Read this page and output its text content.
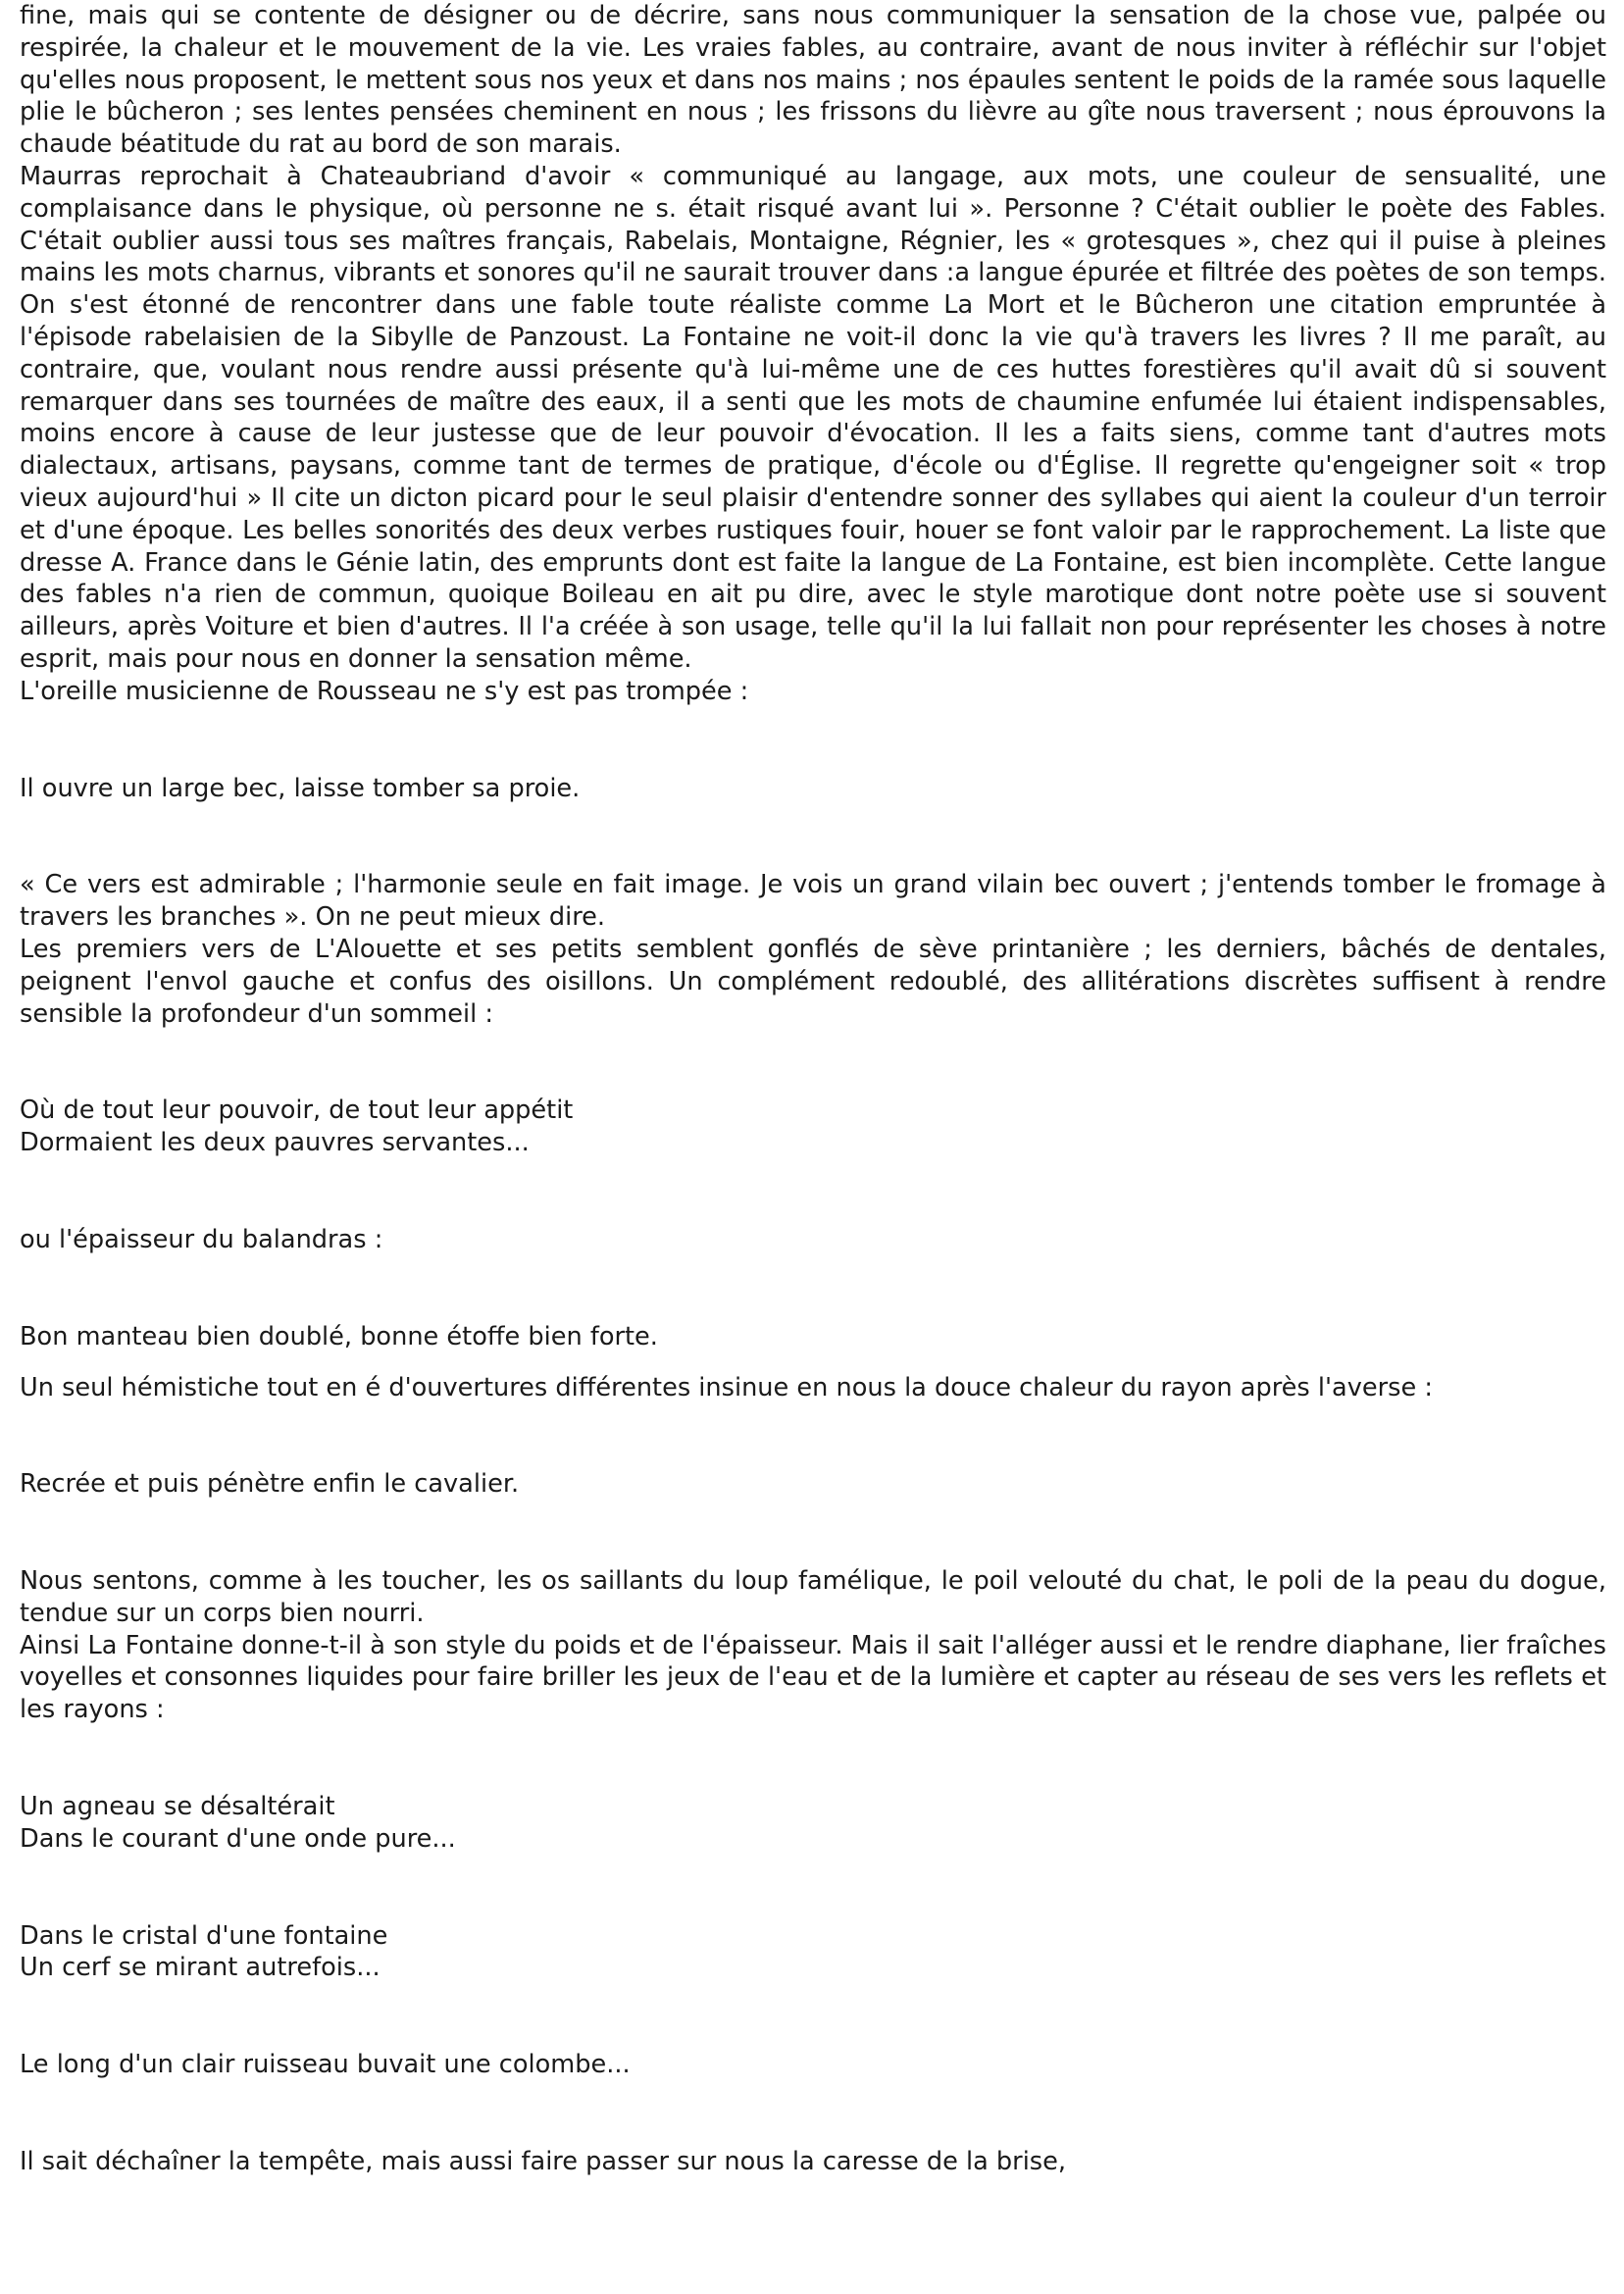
fine, mais qui se contente de désigner ou de décrire, sans nous communiquer la sensation de la chose vue, palpée ou respirée, la chaleur et le mouvement de la vie. Les vraies fables, au contraire, avant de nous inviter à réfléchir sur l'objet qu'elles nous proposent, le mettent sous nos yeux et dans nos mains ; nos épaules sentent le poids de la ramée sous laquelle plie le bûcheron ; ses lentes pensées cheminent en nous ; les frissons du lièvre au gîte nous traversent ; nous éprouvons la chaude béatitude du rat au bord de son marais.

Maurras reprochait à Chateaubriand d'avoir « communiqué au langage, aux mots, une couleur de sensualité, une complaisance dans le physique, où personne ne s. était risqué avant lui ». Personne ? C'était oublier le poète des Fables. C'était oublier aussi tous ses maîtres français, Rabelais, Montaigne, Régnier, les « grotesques », chez qui il puise à pleines mains les mots charnus, vibrants et sonores qu'il ne saurait trouver dans :a langue épurée et filtrée des poètes de son temps. On s'est étonné de rencontrer dans une fable toute réaliste comme La Mort et le Bûcheron une citation empruntée à l'épisode rabelaisien de la Sibylle de Panzoust. La Fontaine ne voit-il donc la vie qu'à travers les livres ? Il me paraît, au contraire, que, voulant nous rendre aussi présente qu'à lui-même une de ces huttes forestières qu'il avait dû si souvent remarquer dans ses tournées de maître des eaux, il a senti que les mots de chaumine enfumée lui étaient indispensables, moins encore à cause de leur justesse que de leur pouvoir d'évocation. Il les a faits siens, comme tant d'autres mots dialectaux, artisans, paysans, comme tant de termes de pratique, d'école ou d'Église. Il regrette qu'engeigner soit « trop vieux aujourd'hui » Il cite un dicton picard pour le seul plaisir d'entendre sonner des syllabes qui aient la couleur d'un terroir et d'une époque. Les belles sonorités des deux verbes rustiques fouir, houer se font valoir par le rapprochement. La liste que dresse A. France dans le Génie latin, des emprunts dont est faite la langue de La Fontaine, est bien incomplète. Cette langue des fables n'a rien de commun, quoique Boileau en ait pu dire, avec le style marotique dont notre poète use si souvent ailleurs, après Voiture et bien d'autres. Il l'a créée à son usage, telle qu'il la lui fallait non pour représenter les choses à notre esprit, mais pour nous en donner la sensation même.

L'oreille musicienne de Rousseau ne s'y est pas trompée :

Il ouvre un large bec, laisse tomber sa proie.

« Ce vers est admirable ; l'harmonie seule en fait image. Je vois un grand vilain bec ouvert ; j'entends tomber le fromage à travers les branches ». On ne peut mieux dire.

Les premiers vers de L'Alouette et ses petits semblent gonflés de sève printanière ; les derniers, bâchés de dentales, peignent l'envol gauche et confus des oisillons. Un complément redoublé, des allitérations discrètes suffisent à rendre sensible la profondeur d'un sommeil :

Où de tout leur pouvoir, de tout leur appétit

Dormaient les deux pauvres servantes...

ou l'épaisseur du balandras :

Bon manteau bien doublé, bonne étoffe bien forte.

Un seul hémistiche tout en é d'ouvertures différentes insinue en nous la douce chaleur du rayon après l'averse :

Recrée et puis pénètre enfin le cavalier.

Nous sentons, comme à les toucher, les os saillants du loup famélique, le poil velouté du chat, le poli de la peau du dogue, tendue sur un corps bien nourri.

Ainsi La Fontaine donne-t-il à son style du poids et de l'épaisseur. Mais il sait l'alléger aussi et le rendre diaphane, lier fraîches voyelles et consonnes liquides pour faire briller les jeux de l'eau et de la lumière et capter au réseau de ses vers les reflets et les rayons :

Un agneau se désaltérait

Dans le courant d'une onde pure...

Dans le cristal d'une fontaine

Un cerf se mirant autrefois...

Le long d'un clair ruisseau buvait une colombe...

Il sait déchaîner la tempête, mais aussi faire passer sur nous la caresse de la brise,
